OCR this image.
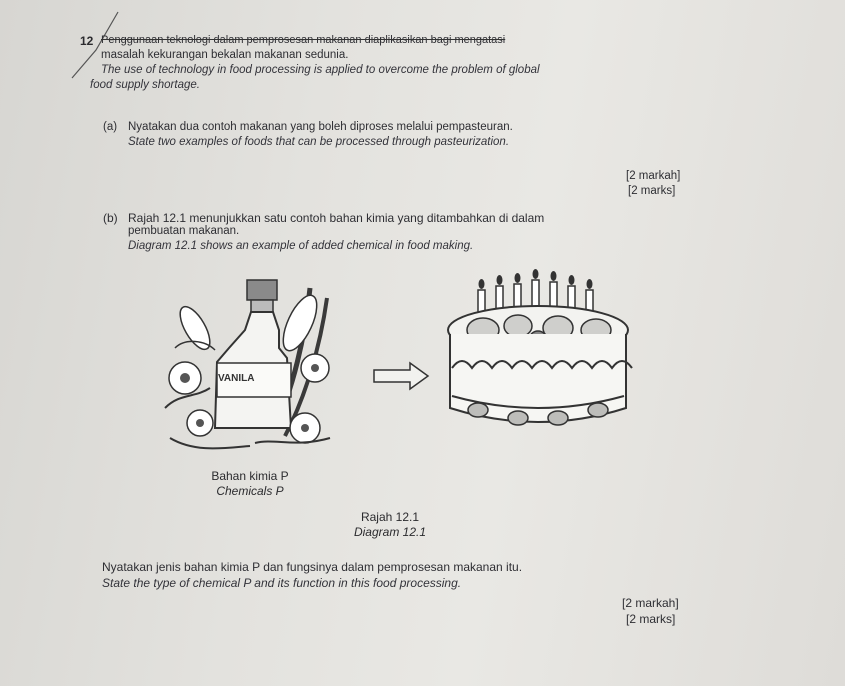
12 Penggunaan teknologi dalam pemprosesan makanan diaplikasikan bagi mengatasi
masalah kekurangan bekalan makanan sedunia.
The use of technology in food processing is applied to overcome the problem of global
food supply shortage.
(a) Nyatakan dua contoh makanan yang boleh diproses melalui pempasteuran.
State two examples of foods that can be processed through pasteurization.
[2 markah]
[2 marks]
(b) Rajah 12.1 menunjukkan satu contoh bahan kimia yang ditambahkan di dalam
pembuatan makanan.
Diagram 12.1 shows an example of added chemical in food making.
VANILA
Bahan kimia P
Chemicals P
Rajah 12.1
Diagram 12.1
Nyatakan jenis bahan kimia P dan fungsinya dalam pemprosesan makanan itu.
State the type of chemical P and its function in this food processing.
[2 markah]
[2 marks]
